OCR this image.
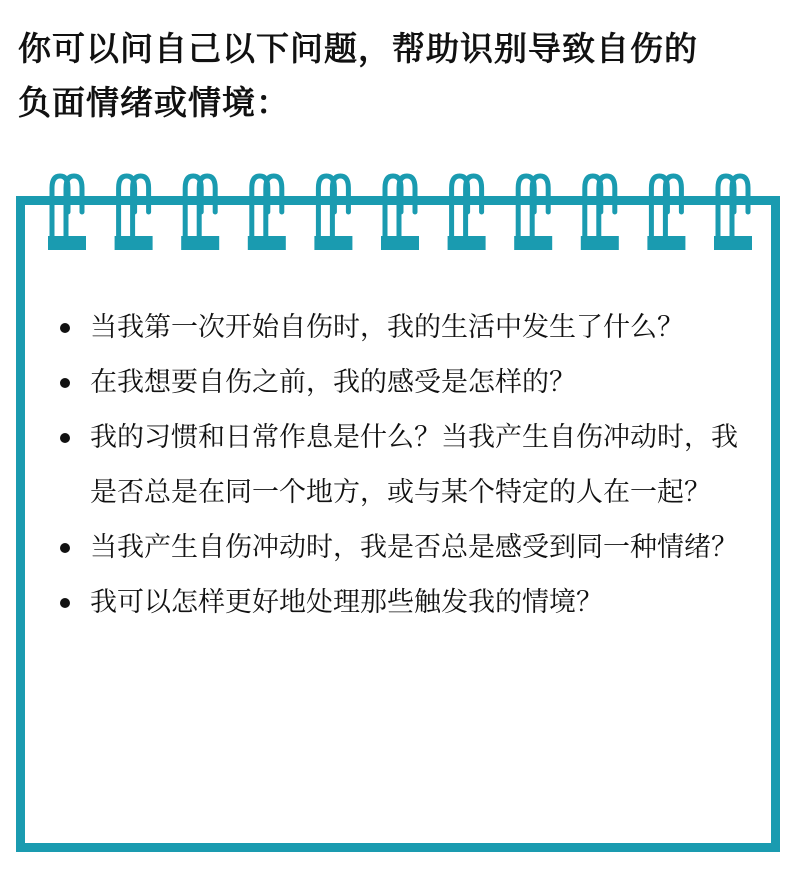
你可以问自己以下问题，帮助识别导致自伤的
负面情绪或情境：
当我第一次开始自伤时，我的生活中发生了什么？
在我想要自伤之前，我的感受是怎样的？
我的习惯和日常作息是什么？当我产生自伤冲动时，我是否总是在同一个地方，或与某个特定的人在一起？
当我产生自伤冲动时，我是否总是感受到同一种情绪？
我可以怎样更好地处理那些触发我的情境？
